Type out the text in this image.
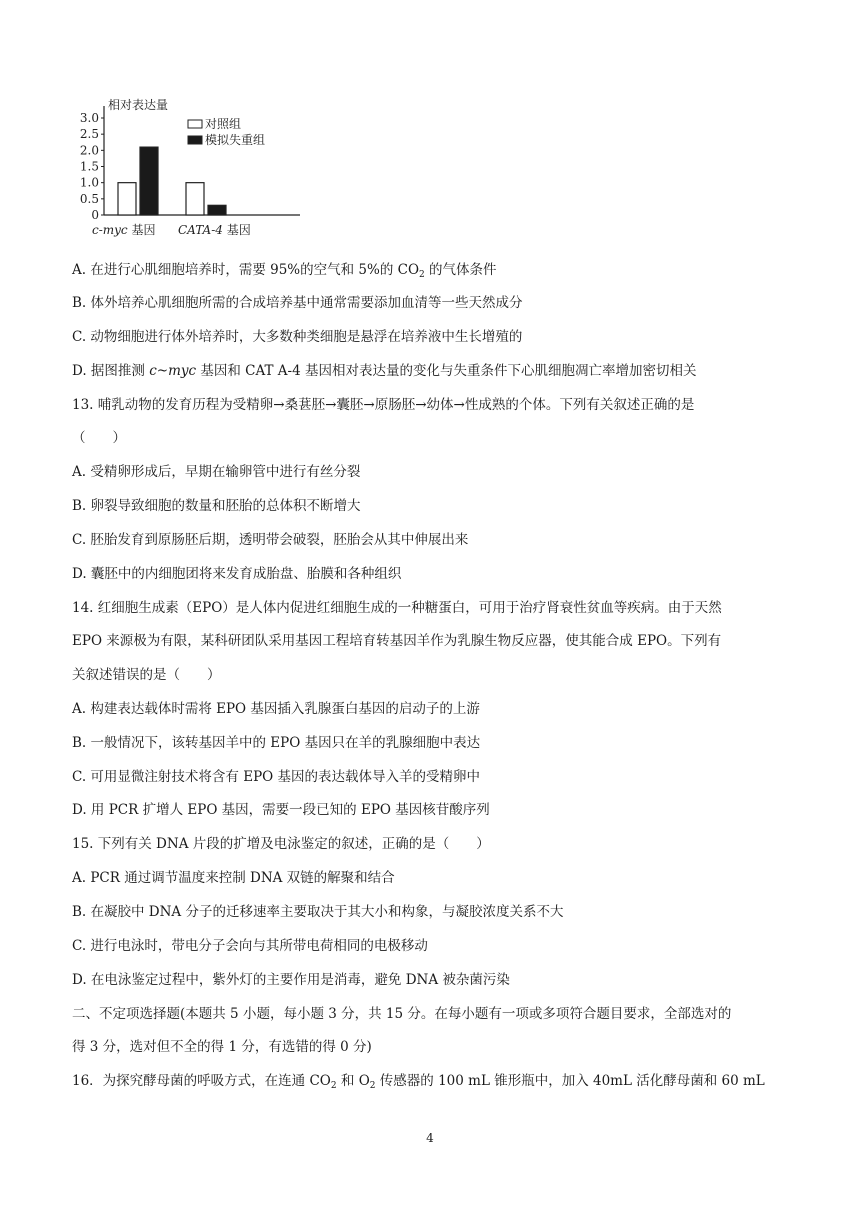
相对表达量
3.0
2.5
2.0
1.5
1.0
0.5
0
对照组
模拟失重组
c-myc 基因 CATA-4 基因
A. 在进行心肌细胞培养时，需要 95%的空气和 5%的 $CO_2$ 的气体条件
B. 体外培养心肌细胞所需的合成培养基中通常需要添加血清等一些天然成分
C. 动物细胞进行体外培养时，大多数种类细胞是悬浮在培养液中生长增殖的
D. 据图推测 c~myc 基因和 CAT A-4 基因相对表达量的变化与失重条件下心肌细胞凋亡率增加密切相关
13. 哺乳动物的发育历程为受精卵→桑葚胚→囊胚→原肠胚→幼体→性成熟的个体。下列有关叙述正确的是
（　　）
A. 受精卵形成后，早期在输卵管中进行有丝分裂
B. 卵裂导致细胞的数量和胚胎的总体积不断增大
C. 胚胎发育到原肠胚后期，透明带会破裂，胚胎会从其中伸展出来
D. 囊胚中的内细胞团将来发育成胎盘、胎膜和各种组织
14. 红细胞生成素（EPO）是人体内促进红细胞生成的一种糖蛋白，可用于治疗肾衰性贫血等疾病。由于天然
EPO 来源极为有限，某科研团队采用基因工程培育转基因羊作为乳腺生物反应器，使其能合成 EPO。下列有
关叙述错误的是（　　）
A. 构建表达载体时需将 EPO 基因插入乳腺蛋白基因的启动子的上游
B. 一般情况下，该转基因羊中的 EPO 基因只在羊的乳腺细胞中表达
C. 可用显微注射技术将含有 EPO 基因的表达载体导入羊的受精卵中
D. 用 PCR 扩增人 EPO 基因，需要一段已知的 EPO 基因核苷酸序列
15. 下列有关 DNA 片段的扩增及电泳鉴定的叙述，正确的是（　　）
A. PCR 通过调节温度来控制 DNA 双链的解聚和结合
B. 在凝胶中 DNA 分子的迁移速率主要取决于其大小和构象，与凝胶浓度关系不大
C. 进行电泳时，带电分子会向与其所带电荷相同的电极移动
D. 在电泳鉴定过程中，紫外灯的主要作用是消毒，避免 DNA 被杂菌污染
二、不定项选择题(本题共 5 小题，每小题 3 分，共 15 分。在每小题有一项或多项符合题目要求，全部选对的
得 3 分，选对但不全的得 1 分，有选错的得 0 分)
16．为探究酵母菌的呼吸方式，在连通 $CO_2$ 和 $O_2$ 传感器的 100 mL 锥形瓶中，加入 40mL 活化酵母菌和 60 mL
4
